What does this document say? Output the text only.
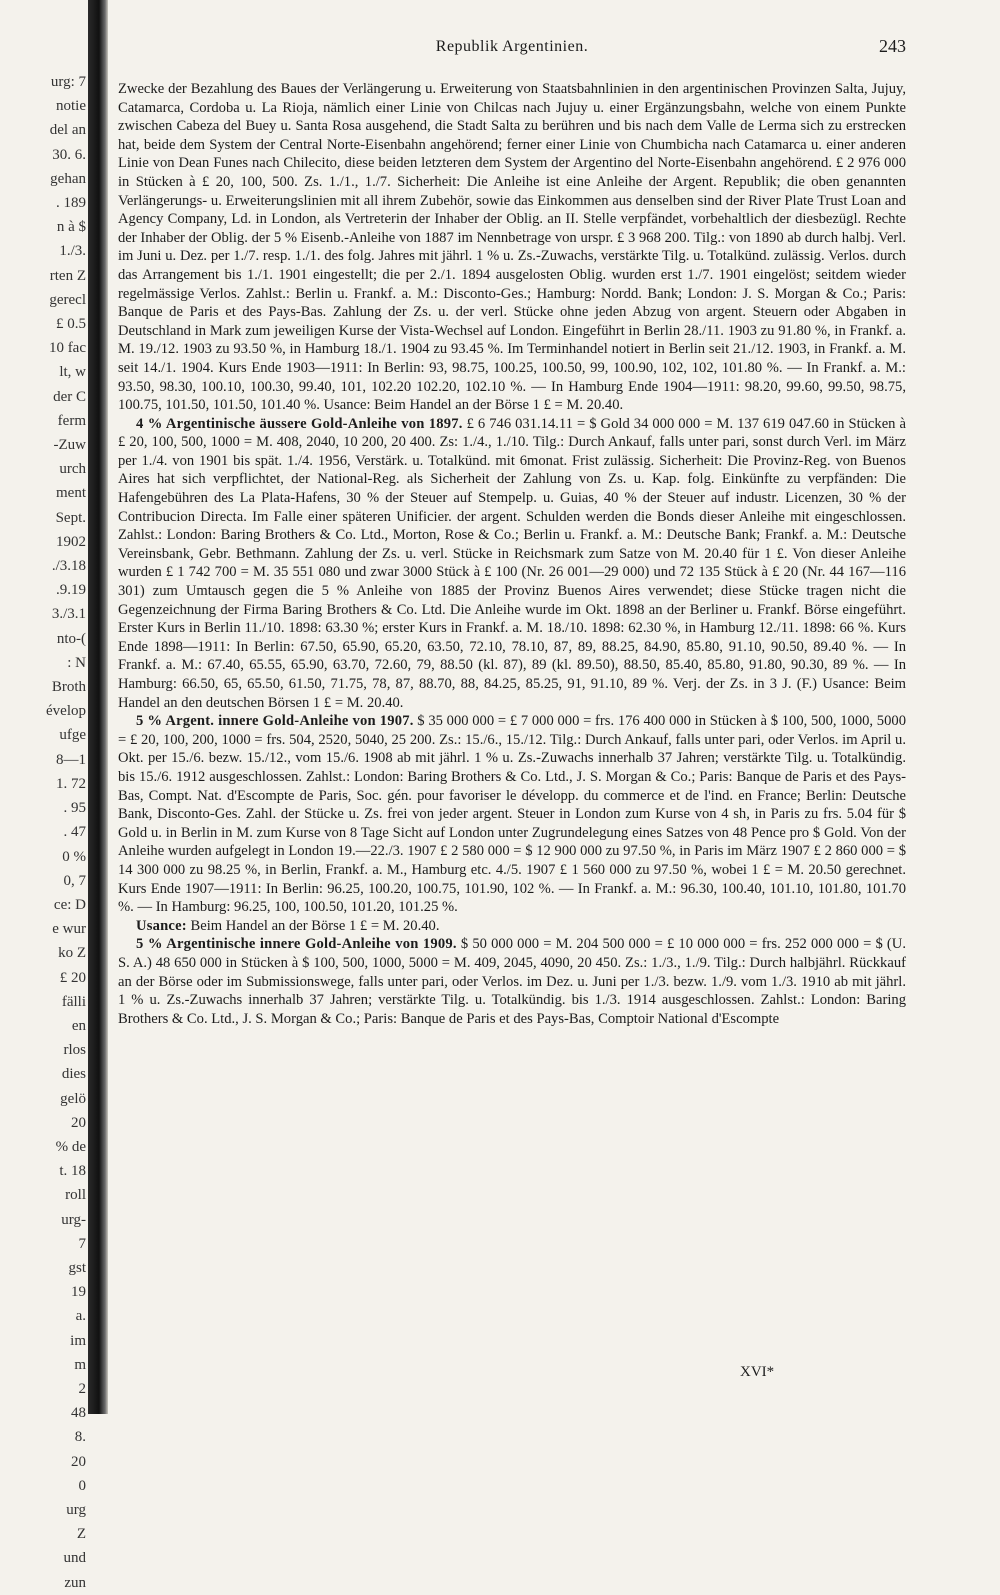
urg: 7
notie
del an
30. 6.
gehan
. 189
n à $
1./3.
rten Z
gerecl
£ 0.5
10 fac
lt, w
der C
ferm
-Zuw
urch
ment
Sept.
1902
./3.18
.9.19
3./3.1
nto-(
: N
Broth
évelop
ufge
8—1
1. 72
. 95
. 47
0 %
0, 7
ce: D
e wur
ko Z
£ 20
fälli
en
rlos
dies
gelö
20
% de
t. 18
roll
urg-
7
gst
19
a.
im
m
2
48
8.
20
0
urg
Z
und
zun
Republik Argentinien.	243

Zwecke der Bezahlung des Baues der Verlängerung u. Erweiterung von Staatsbahnlinien in den argentinischen Provinzen Salta, Jujuy, Catamarca, Cordoba u. La Rioja, nämlich einer Linie von Chilcas nach Jujuy u. einer Ergänzungsbahn, welche von einem Punkte zwischen Cabeza del Buey u. Santa Rosa ausgehend, die Stadt Salta zu berühren und bis nach dem Valle de Lerma sich zu erstrecken hat, beide dem System der Central Norte-Eisenbahn angehörend; ferner einer Linie von Chumbicha nach Catamarca u. einer anderen Linie von Dean Funes nach Chilecito, diese beiden letzteren dem System der Argentino del Norte-Eisenbahn angehörend. £ 2 976 000 in Stücken à £ 20, 100, 500. Zs. 1./1., 1./7. Sicherheit: Die Anleihe ist eine Anleihe der Argent. Republik; die oben genannten Verlängerungs- u. Erweiterungslinien mit all ihrem Zubehör, sowie das Einkommen aus denselben sind der River Plate Trust Loan and Agency Company, Ld. in London, als Vertreterin der Inhaber der Oblig. an II. Stelle verpfändet, vorbehaltlich der diesbezügl. Rechte der Inhaber der Oblig. der 5 % Eisenb.-Anleihe von 1887 im Nennbetrage von urspr. £ 3 968 200. Tilg.: von 1890 ab durch halbj. Verl. im Juni u. Dez. per 1./7. resp. 1./1. des folg. Jahres mit jährl. 1 % u. Zs.-Zuwachs, verstärkte Tilg. u. Totalkünd. zulässig. Verlos. durch das Arrangement bis 1./1. 1901 eingestellt; die per 2./1. 1894 ausgelosten Oblig. wurden erst 1./7. 1901 eingelöst; seitdem wieder regelmässige Verlos. Zahlst.: Berlin u. Frankf. a. M.: Disconto-Ges.; Hamburg: Nordd. Bank; London: J. S. Morgan & Co.; Paris: Banque de Paris et des Pays-Bas. Zahlung der Zs. u. der verl. Stücke ohne jeden Abzug von argent. Steuern oder Abgaben in Deutschland in Mark zum jeweiligen Kurse der Vista-Wechsel auf London. Eingeführt in Berlin 28./11. 1903 zu 91.80 %, in Frankf. a. M. 19./12. 1903 zu 93.50 %, in Hamburg 18./1. 1904 zu 93.45 %. Im Terminhandel notiert in Berlin seit 21./12. 1903, in Frankf. a. M. seit 14./1. 1904. Kurs Ende 1903—1911: In Berlin: 93, 98.75, 100.25, 100.50, 99, 100.90, 102, 102, 101.80 %. — In Frankf. a. M.: 93.50, 98.30, 100.10, 100.30, 99.40, 101, 102.20 102.20, 102.10 %. — In Hamburg Ende 1904—1911: 98.20, 99.60, 99.50, 98.75, 100.75, 101.50, 101.50, 101.40 %. Usance: Beim Handel an der Börse 1 £ = M. 20.40.

4 % Argentinische äussere Gold-Anleihe von 1897. £ 6 746 031.14.11 = $ Gold 34 000 000 = M. 137 619 047.60 in Stücken à £ 20, 100, 500, 1000 = M. 408, 2040, 10 200, 20 400. Zs: 1./4., 1./10. Tilg.: Durch Ankauf, falls unter pari, sonst durch Verl. im März per 1./4. von 1901 bis spät. 1./4. 1956, Verstärk. u. Totalkünd. mit 6monat. Frist zulässig. Sicherheit: Die Provinz-Reg. von Buenos Aires hat sich verpflichtet, der National-Reg. als Sicherheit der Zahlung von Zs. u. Kap. folg. Einkünfte zu verpfänden: Die Hafengebühren des La Plata-Hafens, 30 % der Steuer auf Stempelp. u. Guias, 40 % der Steuer auf industr. Licenzen, 30 % der Contribucion Directa. Im Falle einer späteren Unificier. der argent. Schulden werden die Bonds dieser Anleihe mit eingeschlossen. Zahlst.: London: Baring Brothers & Co. Ltd., Morton, Rose & Co.; Berlin u. Frankf. a. M.: Deutsche Bank; Frankf. a. M.: Deutsche Vereinsbank, Gebr. Bethmann. Zahlung der Zs. u. verl. Stücke in Reichsmark zum Satze von M. 20.40 für 1 £. Von dieser Anleihe wurden £ 1 742 700 = M. 35 551 080 und zwar 3000 Stück à £ 100 (Nr. 26 001—29 000) und 72 135 Stück à £ 20 (Nr. 44 167—116 301) zum Umtausch gegen die 5 % Anleihe von 1885 der Provinz Buenos Aires verwendet; diese Stücke tragen nicht die Gegenzeichnung der Firma Baring Brothers & Co. Ltd. Die Anleihe wurde im Okt. 1898 an der Berliner u. Frankf. Börse eingeführt. Erster Kurs in Berlin 11./10. 1898: 63.30 %; erster Kurs in Frankf. a. M. 18./10. 1898: 62.30 %, in Hamburg 12./11. 1898: 66 %. Kurs Ende 1898—1911: In Berlin: 67.50, 65.90, 65.20, 63.50, 72.10, 78.10, 87, 89, 88.25, 84.90, 85.80, 91.10, 90.50, 89.40 %. — In Frankf. a. M.: 67.40, 65.55, 65.90, 63.70, 72.60, 79, 88.50 (kl. 87), 89 (kl. 89.50), 88.50, 85.40, 85.80, 91.80, 90.30, 89 %. — In Hamburg: 66.50, 65, 65.50, 61.50, 71.75, 78, 87, 88.70, 88, 84.25, 85.25, 91, 91.10, 89 %. Verj. der Zs. in 3 J. (F.) Usance: Beim Handel an den deutschen Börsen 1 £ = M. 20.40.

5 % Argent. innere Gold-Anleihe von 1907. $ 35 000 000 = £ 7 000 000 = frs. 176 400 000 in Stücken à $ 100, 500, 1000, 5000 = £ 20, 100, 200, 1000 = frs. 504, 2520, 5040, 25 200. Zs.: 15./6., 15./12. Tilg.: Durch Ankauf, falls unter pari, oder Verlos. im April u. Okt. per 15./6. bezw. 15./12., vom 15./6. 1908 ab mit jährl. 1 % u. Zs.-Zuwachs innerhalb 37 Jahren; verstärkte Tilg. u. Totalkündig. bis 15./6. 1912 ausgeschlossen. Zahlst.: London: Baring Brothers & Co. Ltd., J. S. Morgan & Co.; Paris: Banque de Paris et des Pays-Bas, Compt. Nat. d'Escompte de Paris, Soc. gén. pour favoriser le développ. du commerce et de l'ind. en France; Berlin: Deutsche Bank, Disconto-Ges. Zahl. der Stücke u. Zs. frei von jeder argent. Steuer in London zum Kurse von 4 sh, in Paris zu frs. 5.04 für $ Gold u. in Berlin in M. zum Kurse von 8 Tage Sicht auf London unter Zugrundelegung eines Satzes von 48 Pence pro $ Gold. Von der Anleihe wurden aufgelegt in London 19.—22./3. 1907 £ 2 580 000 = $ 12 900 000 zu 97.50 %, in Paris im März 1907 £ 2 860 000 = $ 14 300 000 zu 98.25 %, in Berlin, Frankf. a. M., Hamburg etc. 4./5. 1907 £ 1 560 000 zu 97.50 %, wobei 1 £ = M. 20.50 gerechnet. Kurs Ende 1907—1911: In Berlin: 96.25, 100.20, 100.75, 101.90, 102 %. — In Frankf. a. M.: 96.30, 100.40, 101.10, 101.80, 101.70 %. — In Hamburg: 96.25, 100, 100.50, 101.20, 101.25 %.

Usance: Beim Handel an der Börse 1 £ = M. 20.40.

5 % Argentinische innere Gold-Anleihe von 1909. $ 50 000 000 = M. 204 500 000 = £ 10 000 000 = frs. 252 000 000 = $ (U. S. A.) 48 650 000 in Stücken à $ 100, 500, 1000, 5000 = M. 409, 2045, 4090, 20 450. Zs.: 1./3., 1./9. Tilg.: Durch halbjährl. Rückkauf an der Börse oder im Submissionswege, falls unter pari, oder Verlos. im Dez. u. Juni per 1./3. bezw. 1./9. vom 1./3. 1910 ab mit jährl. 1 % u. Zs.-Zuwachs innerhalb 37 Jahren; verstärkte Tilg. u. Totalkündig. bis 1./3. 1914 ausgeschlossen. Zahlst.: London: Baring Brothers & Co. Ltd., J. S. Morgan & Co.; Paris: Banque de Paris et des Pays-Bas, Comptoir National d'Escompte

XVI*
